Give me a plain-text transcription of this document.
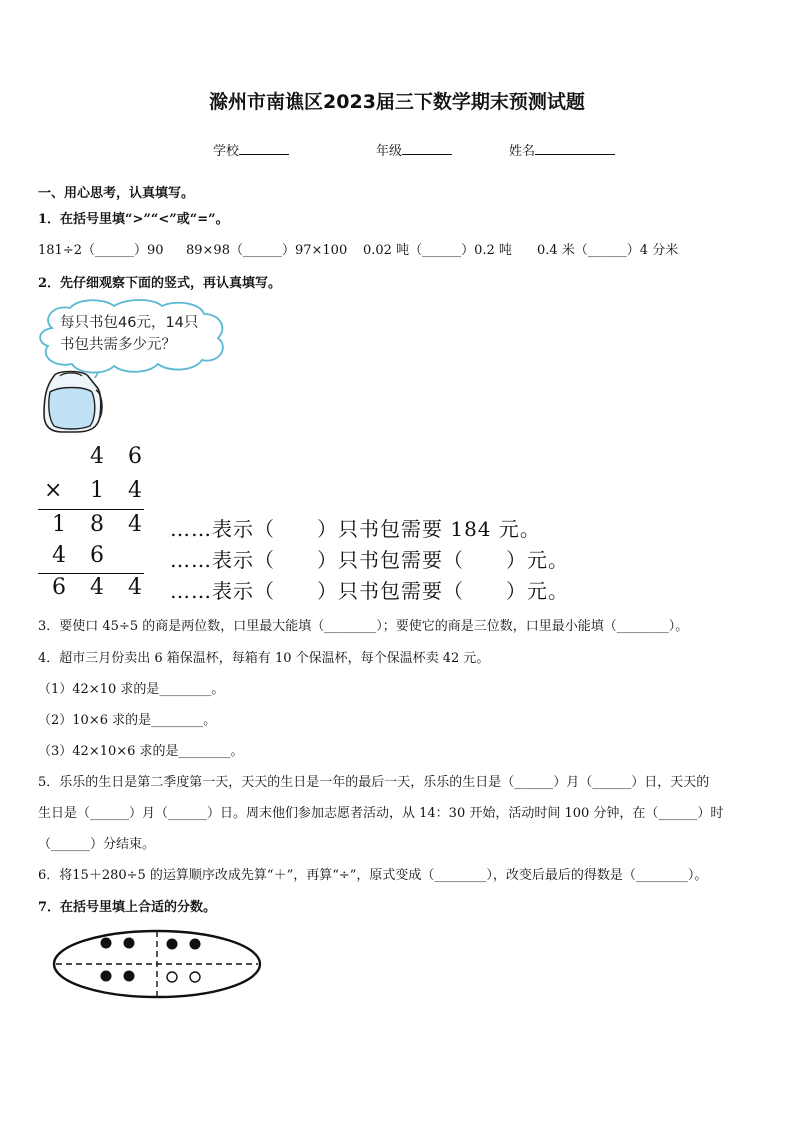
滁州市南谯区2023届三下数学期末预测试题
学校	年级	姓名
一、用心思考，认真填写。
1．在括号里填“>”“<”或“=”。
181÷2（______）90 89×98（______）97×100 0.02 吨（______）0.2 吨 0.4 米（______）4 分米
2．先仔细观察下面的竖式，再认真填写。
每只书包46元，14只
书包共需多少元？
4 6
× 1 4
1 8 4
4 6
6 4 4
……表示（　　）只书包需要 184 元。
……表示（　　）只书包需要（　　）元。
……表示（　　）只书包需要（　　）元。
3．要使口 45÷5 的商是两位数，口里最大能填（________）；要使它的商是三位数，口里最小能填（________）。
4．超市三月份卖出 6 箱保温杯，每箱有 10 个保温杯，每个保温杯卖 42 元。
（1）42×10 求的是________。
（2）10×6 求的是________。
（3）42×10×6 求的是________。
5．乐乐的生日是第二季度第一天，天天的生日是一年的最后一天，乐乐的生日是（______）月（______）日，天天的
生日是（______）月（______）日。周末他们参加志愿者活动，从 14：30 开始，活动时间 100 分钟，在（______）时
（______）分结束。
6．将15＋280÷5 的运算顺序改成先算“＋”，再算“÷”，原式变成（________），改变后最后的得数是（________）。
7．在括号里填上合适的分数。
